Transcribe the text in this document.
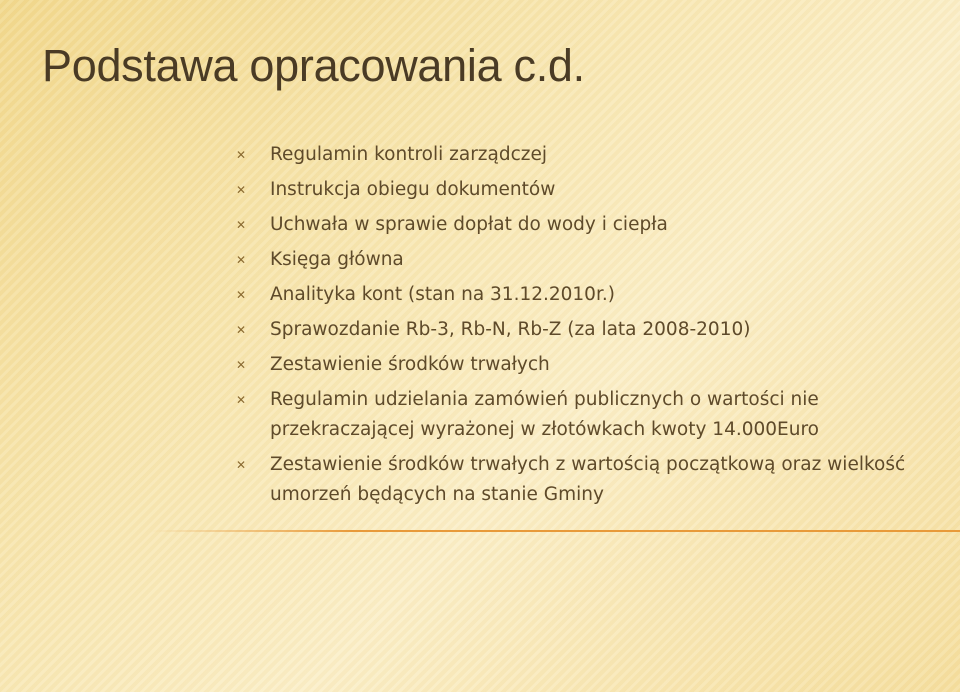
Podstawa opracowania c.d.
✕ Regulamin kontroli zarządczej
✕ Instrukcja obiegu dokumentów
✕ Uchwała w sprawie dopłat do wody i ciepła
✕ Księga główna
✕ Analityka kont (stan na 31.12.2010r.)
✕ Sprawozdanie Rb-3, Rb-N, Rb-Z (za lata 2008-2010)
✕ Zestawienie środków trwałych
✕ Regulamin udzielania zamówień publicznych o wartości nie przekraczającej wyrażonej w złotówkach kwoty 14.000Euro
✕ Zestawienie środków trwałych z wartością początkową oraz wielkość umorzeń będących na stanie Gminy
